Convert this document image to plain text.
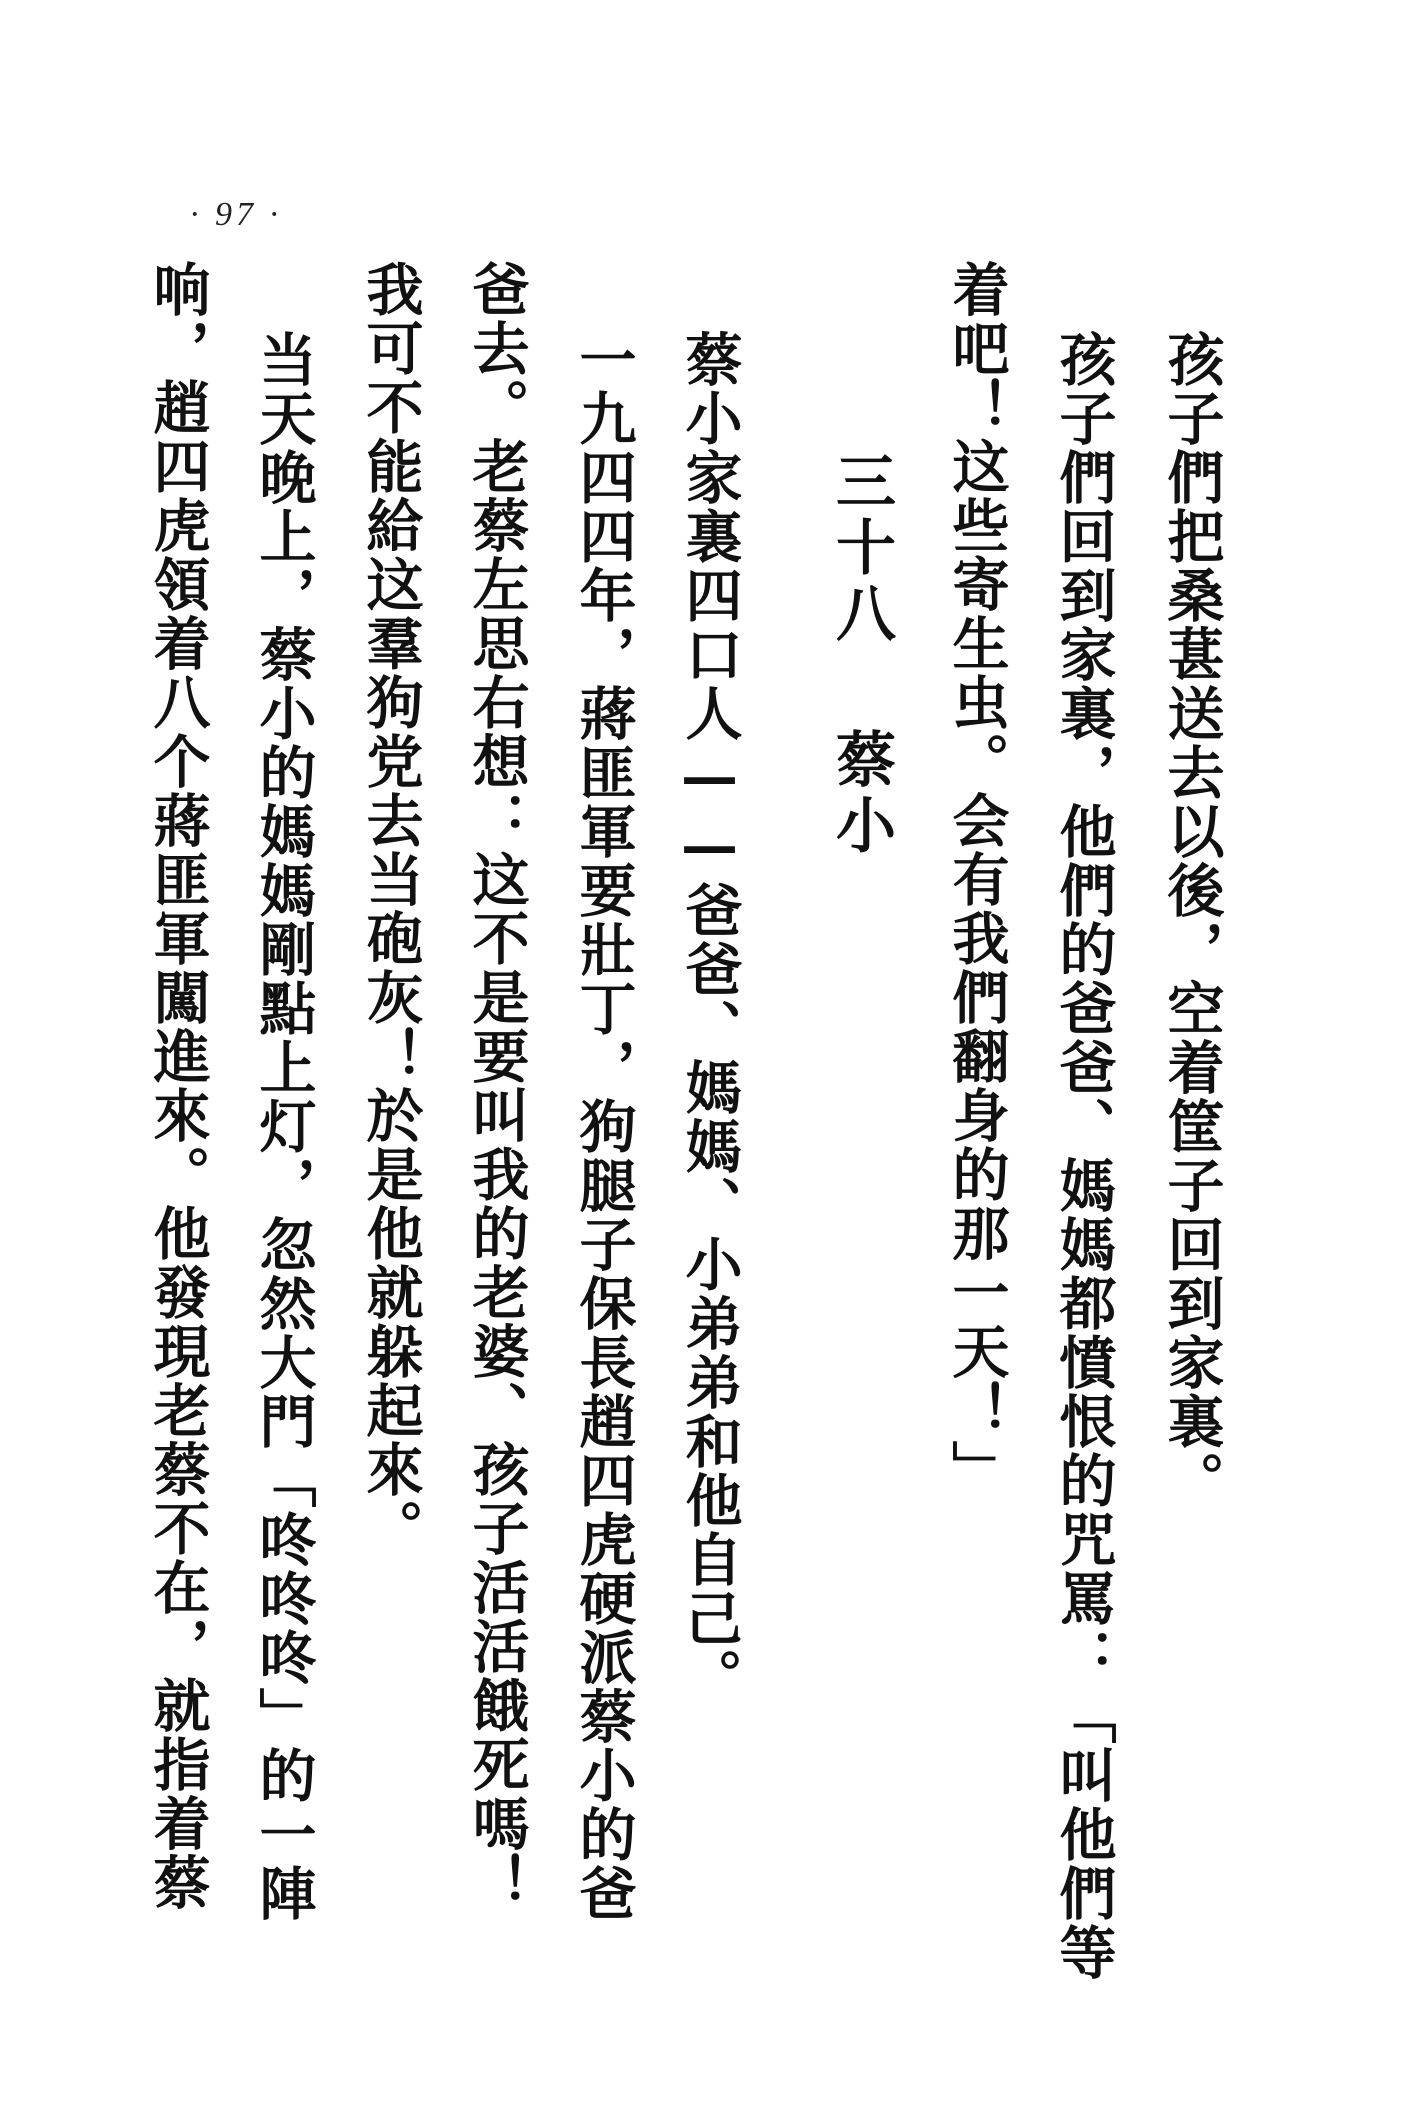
· 97 ·
孩子們把桑葚送去以後，空着筐子回到家裏。
孩子們回到家裏，他們的爸爸、媽媽都憤恨的咒罵：「叫他們等
着吧！这些寄生虫。会有我們翻身的那一天！」
三十八蔡小
蔡小家裏四口人——爸爸、媽媽、小弟弟和他自己。
一九四四年，蔣匪軍要壯丁，狗腿子保長趙四虎硬派蔡小的爸
爸去。老蔡左思右想：这不是要叫我的老婆、孩子活活餓死嗎！
我可不能給这羣狗党去当砲灰！於是他就躲起來。
当天晚上，蔡小的媽媽剛點上灯，忽然大門「咚咚咚」的一陣
响，趙四虎領着八个蔣匪軍闖進來。他發現老蔡不在，就指着蔡
